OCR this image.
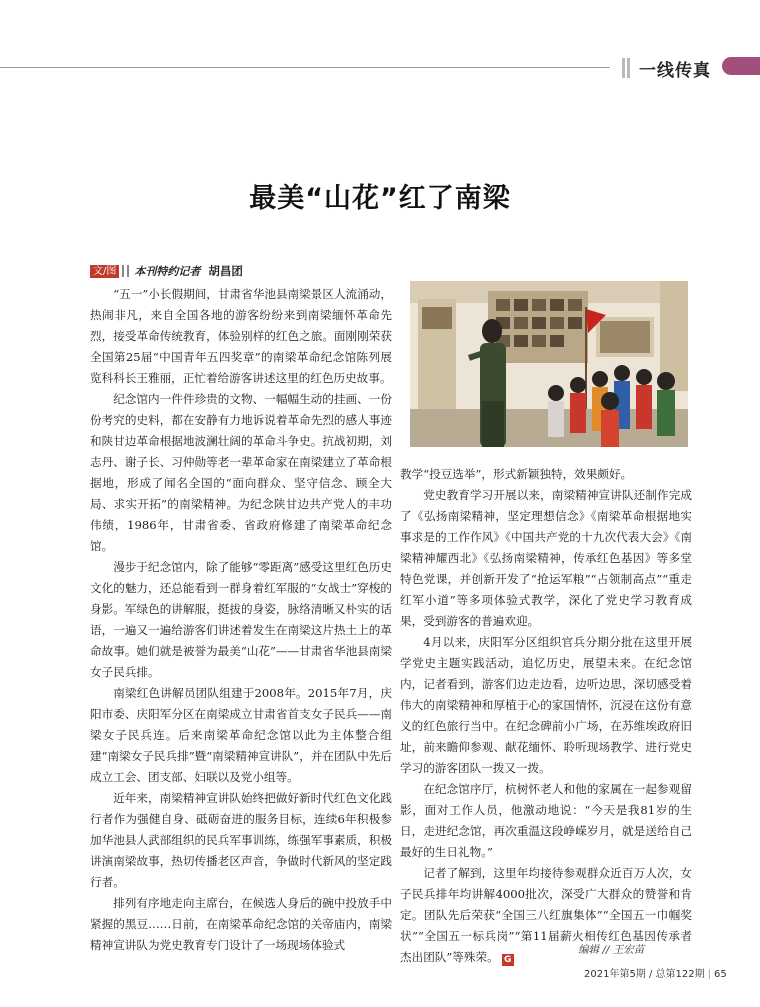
一线传真
最美“山花”红了南梁
文/图 本刊特约记者 胡昌团

“五一”小长假期间，甘肃省华池县南梁景区人流涌动，热闹非凡，来自全国各地的游客纷纷来到南梁缅怀革命先烈，接受革命传统教育，体验别样的红色之旅。面刚刚荣获全国第25届“中国青年五四奖章”的南梁革命纪念馆陈列展览科科长王雅丽，正忙着给游客讲述这里的红色历史故事。

纪念馆内一件件珍贵的文物、一幅幅生动的挂画、一份份考究的史料，都在安静有力地诉说着革命先烈的感人事迹和陕甘边革命根据地波澜壮阔的革命斗争史。抗战初期，刘志丹、谢子长、习仲勋等老一辈革命家在南梁建立了革命根据地，形成了闻名全国的“面向群众、坚守信念、顾全大局、求实开拓”的南梁精神。为纪念陕甘边共产党人的丰功伟绩，1986年，甘肃省委、省政府修建了南梁革命纪念馆。

漫步于纪念馆内，除了能够“零距离”感受这里红色历史文化的魅力，还总能看到一群身着红军服的“女战士”穿梭的身影。军绿色的讲解服，挺拔的身姿，脉络清晰又朴实的话语，一遍又一遍给游客们讲述着发生在南梁这片热土上的革命故事。她们就是被誉为最美“山花”——甘肃省华池县南梁女子民兵排。

南梁红色讲解员团队组建于2008年。2015年7月，庆阳市委、庆阳军分区在南梁成立甘肃省首支女子民兵——南梁女子民兵连。后来南梁革命纪念馆以此为主体整合组建“南梁女子民兵排”暨“南梁精神宣讲队”，并在团队中先后成立工会、团支部、妇联以及党小组等。

近年来，南梁精神宣讲队始终把做好新时代红色文化践行者作为强健自身、砥砺奋进的服务目标，连续6年积极参加华池县人武部组织的民兵军事训练，练强军事素质，积极讲演南梁故事，热切传播老区声音，争做时代新风的坚定践行者。

排列有序地走向主席台，在候选人身后的碗中投放手中紧握的黑豆……日前，在南梁革命纪念馆的关帝庙内，南梁精神宣讲队为党史教育专门设计了一场现场体验式

教学“投豆选举”，形式新颖独特，效果颇好。

党史教育学习开展以来，南梁精神宣讲队还制作完成了《弘扬南梁精神，坚定理想信念》《南梁革命根据地实事求是的工作作风》《中国共产党的十九次代表大会》《南梁精神耀西北》《弘扬南梁精神，传承红色基因》等多堂特色党课，并创新开发了“抢运军粮”“占领制高点”“重走红军小道”等多项体验式教学，深化了党史学习教育成果，受到游客的普遍欢迎。

4月以来，庆阳军分区组织官兵分期分批在这里开展学党史主题实践活动，追忆历史，展望未来。在纪念馆内，记者看到，游客们边走边看，边听边思，深切感受着伟大的南梁精神和厚植于心的家国情怀，沉浸在这份有意义的红色旅行当中。在纪念碑前小广场，在苏维埃政府旧址，前来瞻仰参观、献花缅怀、聆听现场教学、进行党史学习的游客团队一拨又一拨。

在纪念馆序厅，杭树怀老人和他的家属在一起参观留影，面对工作人员，他激动地说：“今天是我81岁的生日，走进纪念馆，再次重温这段峥嵘岁月，就是送给自己最好的生日礼物。”

记者了解到，这里年均接待参观群众近百万人次，女子民兵排年均讲解4000批次，深受广大群众的赞誉和肯定。团队先后荣获“全国三八红旗集体”“全国五一巾帼奖状”“全国五一标兵岗”“第11届薪火相传红色基因传承者杰出团队”等殊荣。 G

编辑 // 王宏苗
2021年第5期 / 总第122期 | 65
